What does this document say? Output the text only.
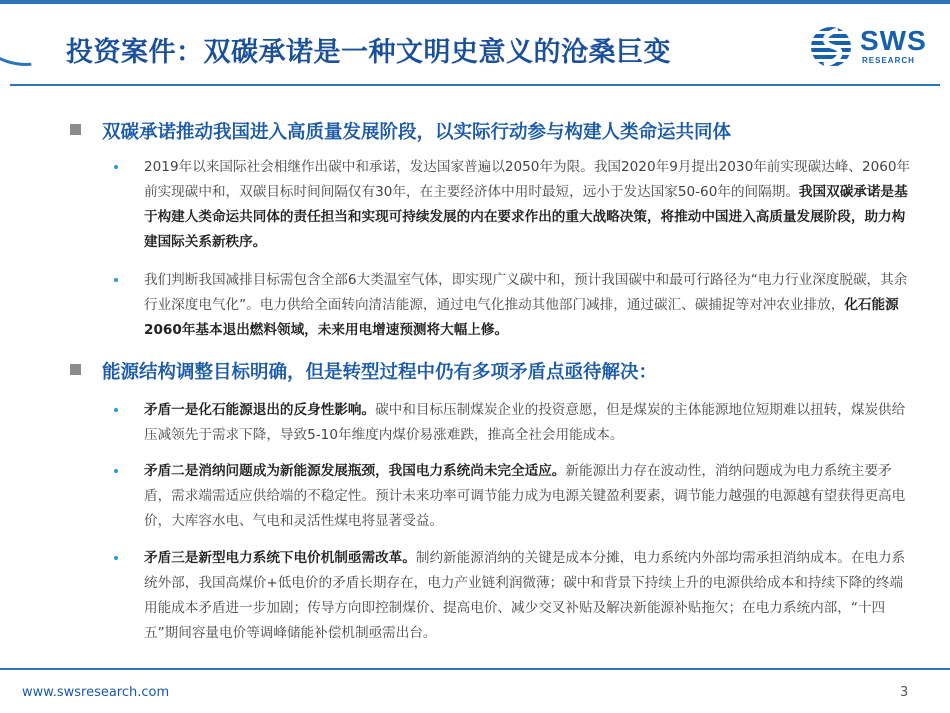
投资案件：双碳承诺是一种文明史意义的沧桑巨变	SWS
RESEARCH
双碳承诺推动我国进入高质量发展阶段，以实际行动参与构建人类命运共同体
2019年以来国际社会相继作出碳中和承诺，发达国家普遍以2050年为限。我国2020年9月提出2030年前实现碳达峰、2060年前实现碳中和，双碳目标时间间隔仅有30年，在主要经济体中用时最短，远小于发达国家50-60年的间隔期。我国双碳承诺是基于构建人类命运共同体的责任担当和实现可持续发展的内在要求作出的重大战略决策，将推动中国进入高质量发展阶段，助力构建国际关系新秩序。
我们判断我国减排目标需包含全部6大类温室气体，即实现广义碳中和，预计我国碳中和最可行路径为“电力行业深度脱碳，其余行业深度电气化”。电力供给全面转向清洁能源，通过电气化推动其他部门减排，通过碳汇、碳捕捉等对冲农业排放，化石能源2060年基本退出燃料领域，未来用电增速预测将大幅上修。
能源结构调整目标明确，但是转型过程中仍有多项矛盾点亟待解决：
矛盾一是化石能源退出的反身性影响。碳中和目标压制煤炭企业的投资意愿，但是煤炭的主体能源地位短期难以扭转，煤炭供给压减领先于需求下降，导致5-10年维度内煤价易涨难跌，推高全社会用能成本。
矛盾二是消纳问题成为新能源发展瓶颈，我国电力系统尚未完全适应。新能源出力存在波动性，消纳问题成为电力系统主要矛盾，需求端需适应供给端的不稳定性。预计未来功率可调节能力成为电源关键盈利要素，调节能力越强的电源越有望获得更高电价，大库容水电、气电和灵活性煤电将显著受益。
矛盾三是新型电力系统下电价机制亟需改革。制约新能源消纳的关键是成本分摊，电力系统内外部均需承担消纳成本。在电力系统外部，我国高煤价+低电价的矛盾长期存在，电力产业链利润微薄；碳中和背景下持续上升的电源供给成本和持续下降的终端用能成本矛盾进一步加剧；传导方向即控制煤价、提高电价、减少交叉补贴及解决新能源补贴拖欠；在电力系统内部，“十四五”期间容量电价等调峰储能补偿机制亟需出台。
www.swsresearch.com	3
